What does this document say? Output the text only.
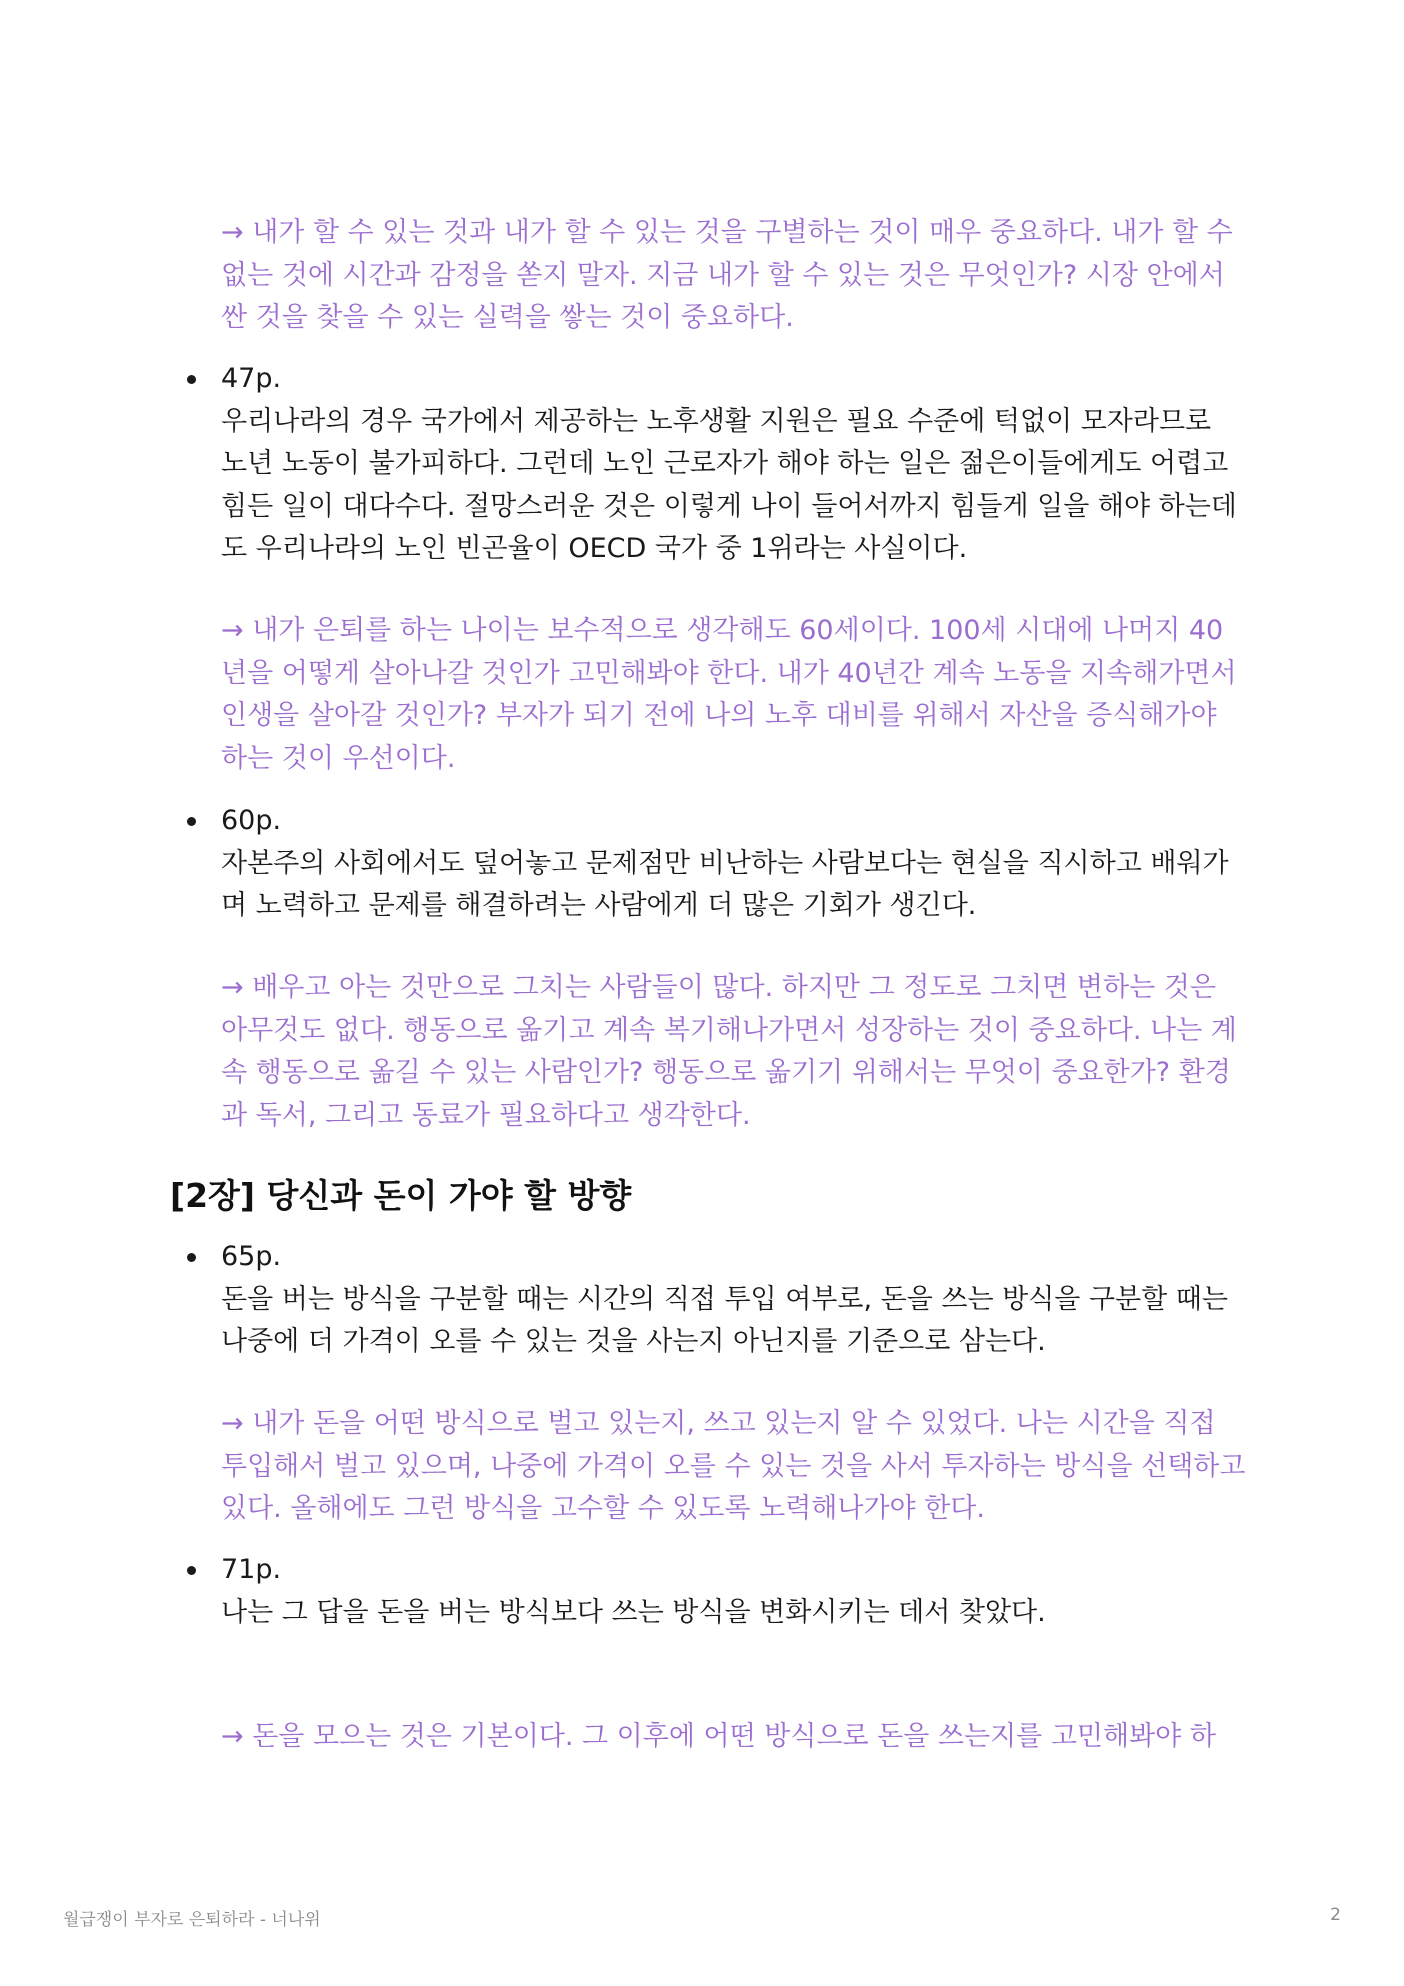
→ 내가 할 수 있는 것과 내가 할 수 있는 것을 구별하는 것이 매우 중요하다. 내가 할 수
없는 것에 시간과 감정을 쏟지 말자. 지금 내가 할 수 있는 것은 무엇인가? 시장 안에서
싼 것을 찾을 수 있는 실력을 쌓는 것이 중요하다.
47p.
우리나라의 경우 국가에서 제공하는 노후생활 지원은 필요 수준에 턱없이 모자라므로
노년 노동이 불가피하다. 그런데 노인 근로자가 해야 하는 일은 젊은이들에게도 어렵고
힘든 일이 대다수다. 절망스러운 것은 이렇게 나이 들어서까지 힘들게 일을 해야 하는데
도 우리나라의 노인 빈곤율이 OECD 국가 중 1위라는 사실이다.
→ 내가 은퇴를 하는 나이는 보수적으로 생각해도 60세이다. 100세 시대에 나머지 40
년을 어떻게 살아나갈 것인가 고민해봐야 한다. 내가 40년간 계속 노동을 지속해가면서
인생을 살아갈 것인가? 부자가 되기 전에 나의 노후 대비를 위해서 자산을 증식해가야
하는 것이 우선이다.
60p.
자본주의 사회에서도 덮어놓고 문제점만 비난하는 사람보다는 현실을 직시하고 배워가
며 노력하고 문제를 해결하려는 사람에게 더 많은 기회가 생긴다.
→ 배우고 아는 것만으로 그치는 사람들이 많다. 하지만 그 정도로 그치면 변하는 것은
아무것도 없다. 행동으로 옮기고 계속 복기해나가면서 성장하는 것이 중요하다. 나는 계
속 행동으로 옮길 수 있는 사람인가? 행동으로 옮기기 위해서는 무엇이 중요한가? 환경
과 독서, 그리고 동료가 필요하다고 생각한다.
[2장] 당신과 돈이 가야 할 방향
65p.
돈을 버는 방식을 구분할 때는 시간의 직접 투입 여부로, 돈을 쓰는 방식을 구분할 때는
나중에 더 가격이 오를 수 있는 것을 사는지 아닌지를 기준으로 삼는다.
→ 내가 돈을 어떤 방식으로 벌고 있는지, 쓰고 있는지 알 수 있었다. 나는 시간을 직접
투입해서 벌고 있으며, 나중에 가격이 오를 수 있는 것을 사서 투자하는 방식을 선택하고
있다. 올해에도 그런 방식을 고수할 수 있도록 노력해나가야 한다.
71p.
나는 그 답을 돈을 버는 방식보다 쓰는 방식을 변화시키는 데서 찾았다.
→ 돈을 모으는 것은 기본이다. 그 이후에 어떤 방식으로 돈을 쓰는지를 고민해봐야 하
월급쟁이 부자로 은퇴하라 - 너나위	2
